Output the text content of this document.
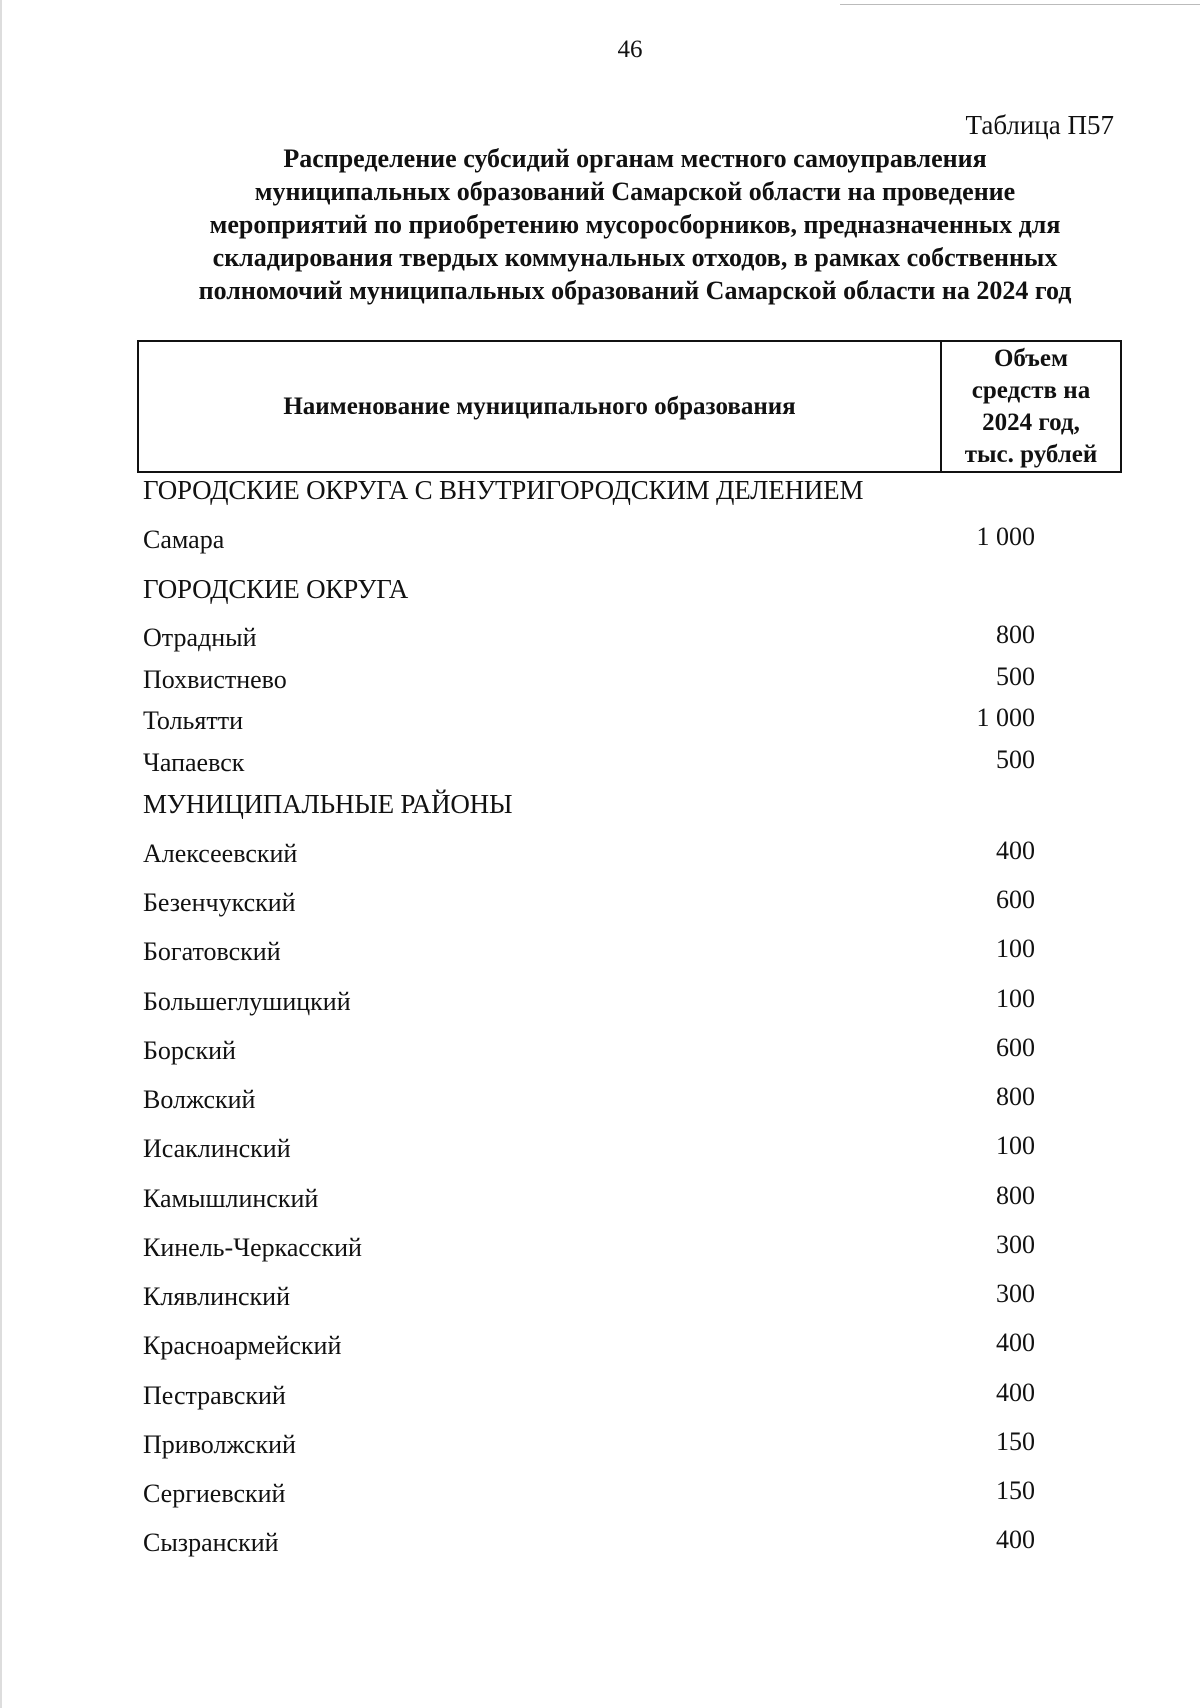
46
Таблица П57
Распределение субсидий органам местного самоуправления
муниципальных образований Самарской области на проведение
мероприятий по приобретению мусоросборников, предназначенных для
складирования твердых коммунальных отходов, в рамках собственных
полномочий муниципальных образований Самарской области на 2024 год
Наименование муниципального образования
Объем
средств на
2024 год,
тыс. рублей
ГОРОДСКИЕ ОКРУГА С ВНУТРИГОРОДСКИМ ДЕЛЕНИЕМ
Самара	1 000
ГОРОДСКИЕ ОКРУГА
Отрадный	800
Похвистнево	500
Тольятти	1 000
Чапаевск	500
МУНИЦИПАЛЬНЫЕ РАЙОНЫ
Алексеевский	400
Безенчукский	600
Богатовский	100
Большеглушицкий	100
Борский	600
Волжский	800
Исаклинский	100
Камышлинский	800
Кинель-Черкасский	300
Клявлинский	300
Красноармейский	400
Пестравский	400
Приволжский	150
Сергиевский	150
Сызранский	400
